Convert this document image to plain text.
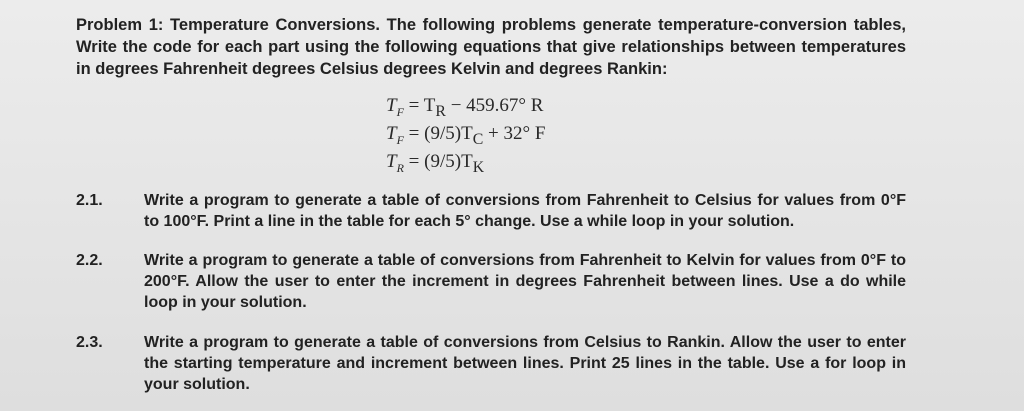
Problem 1: Temperature Conversions. The following problems generate temperature-conversion tables, Write the code for each part using the following equations that give relationships between temperatures in degrees Fahrenheit degrees Celsius degrees Kelvin and degrees Rankin:
$T_F = T_R - 459.67^\circ$ R
$T_F = (9/5)T_C + 32^\circ$ F
$T_R = (9/5)T_K$
2.1.	Write a program to generate a table of conversions from Fahrenheit to Celsius for values from 0°F to 100°F. Print a line in the table for each 5° change. Use a while loop in your solution.
2.2.	Write a program to generate a table of conversions from Fahrenheit to Kelvin for values from 0°F to 200°F. Allow the user to enter the increment in degrees Fahrenheit between lines. Use a do while loop in your solution.
2.3.	Write a program to generate a table of conversions from Celsius to Rankin. Allow the user to enter the starting temperature and increment between lines. Print 25 lines in the table. Use a for loop in your solution.
